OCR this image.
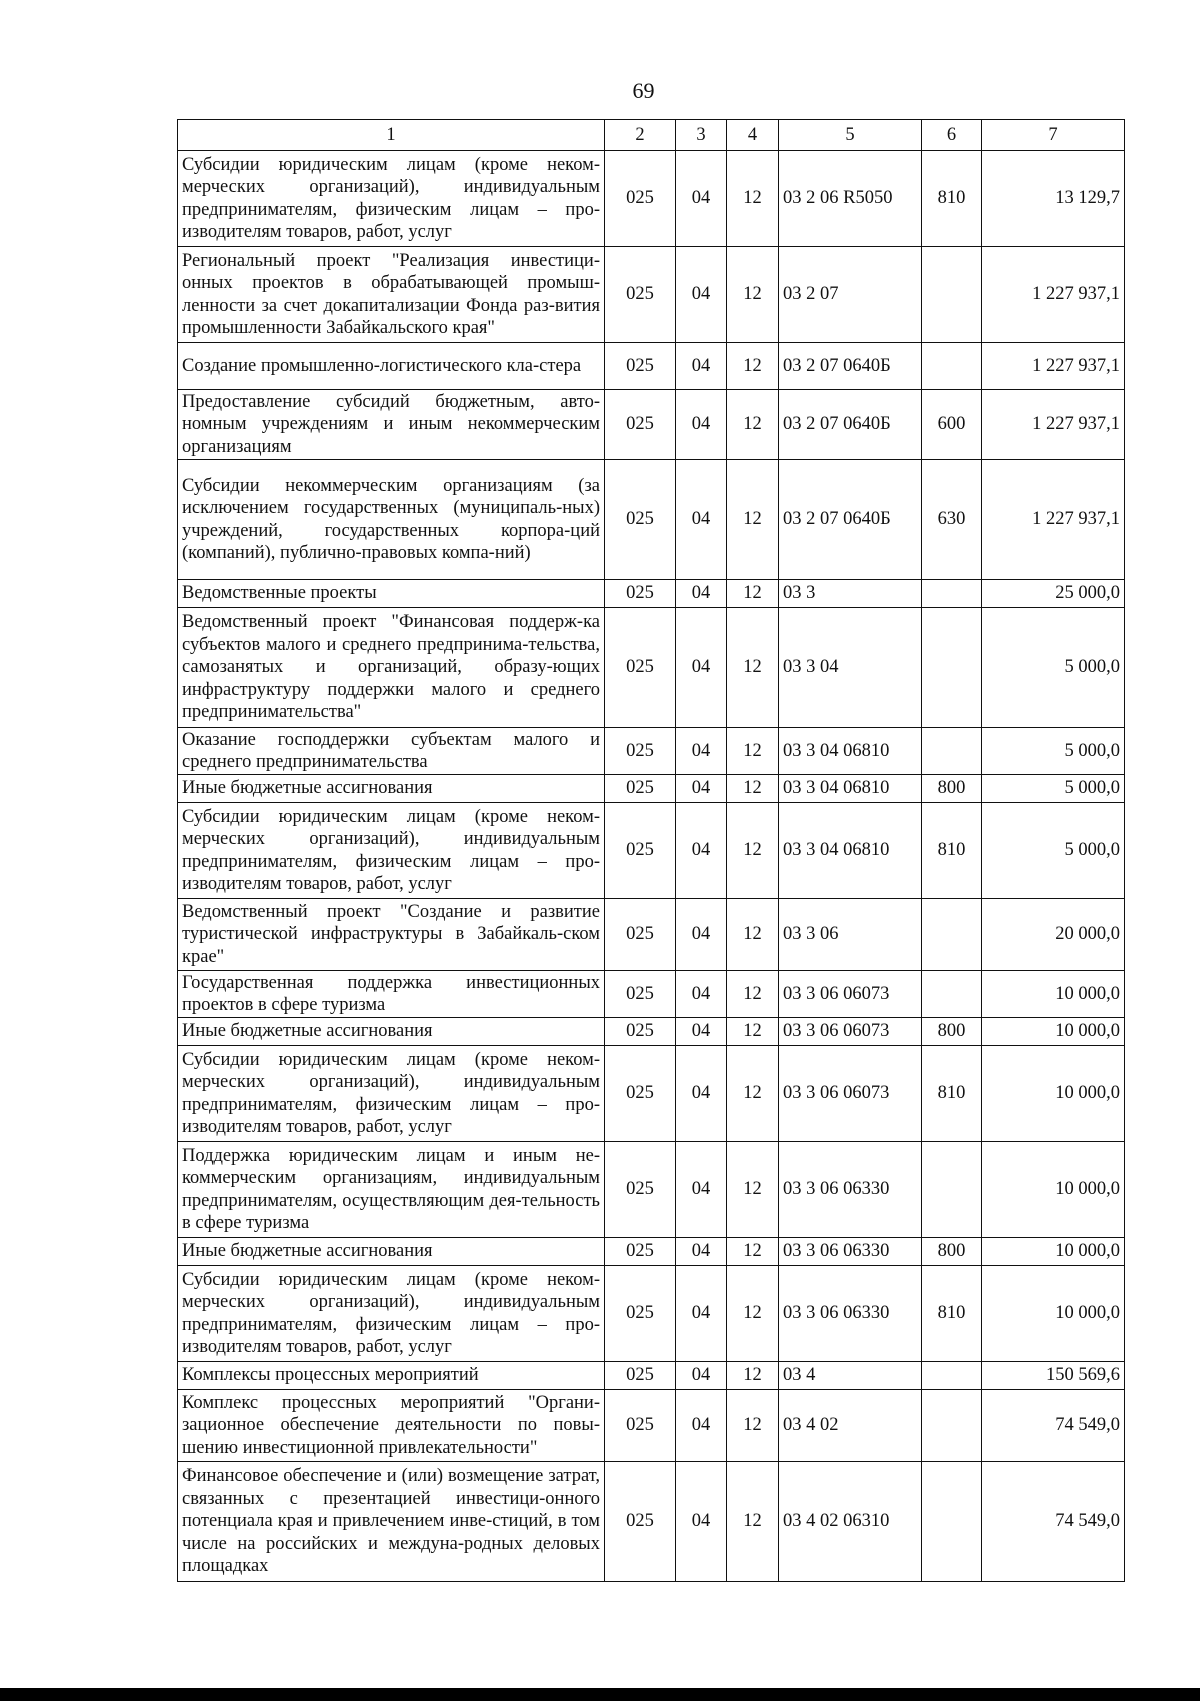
69
1	2	3	4	5	6	7
Субсидии юридическим лицам (кроме неком-мерческих организаций), индивидуальным предпринимателям, физическим лицам – про-изводителям товаров, работ, услуг	025	04	12	03 2 06 R5050	810	13 129,7
Региональный проект "Реализация инвестици-онных проектов в обрабатывающей промыш-ленности за счет докапитализации Фонда раз-вития промышленности Забайкальского края"	025	04	12	03 2 07		1 227 937,1
Создание промышленно-логистического кла-стера	025	04	12	03 2 07 0640Б		1 227 937,1
Предоставление субсидий бюджетным, авто-номным учреждениям и иным некоммерческим организациям	025	04	12	03 2 07 0640Б	600	1 227 937,1
Субсидии некоммерческим организациям (за исключением государственных (муниципаль-ных) учреждений, государственных корпора-ций (компаний), публично-правовых компа-ний)	025	04	12	03 2 07 0640Б	630	1 227 937,1
Ведомственные проекты	025	04	12	03 3		25 000,0
Ведомственный проект "Финансовая поддерж-ка субъектов малого и среднего предпринима-тельства, самозанятых и организаций, образу-ющих инфраструктуру поддержки малого и среднего предпринимательства"	025	04	12	03 3 04		5 000,0
Оказание господдержки субъектам малого и среднего предпринимательства	025	04	12	03 3 04 06810		5 000,0
Иные бюджетные ассигнования	025	04	12	03 3 04 06810	800	5 000,0
Субсидии юридическим лицам (кроме неком-мерческих организаций), индивидуальным предпринимателям, физическим лицам – про-изводителям товаров, работ, услуг	025	04	12	03 3 04 06810	810	5 000,0
Ведомственный проект "Создание и развитие туристической инфраструктуры в Забайкаль-ском крае"	025	04	12	03 3 06		20 000,0
Государственная поддержка инвестиционных проектов в сфере туризма	025	04	12	03 3 06 06073		10 000,0
Иные бюджетные ассигнования	025	04	12	03 3 06 06073	800	10 000,0
Субсидии юридическим лицам (кроме неком-мерческих организаций), индивидуальным предпринимателям, физическим лицам – про-изводителям товаров, работ, услуг	025	04	12	03 3 06 06073	810	10 000,0
Поддержка юридическим лицам и иным не-коммерческим организациям, индивидуальным предпринимателям, осуществляющим дея-тельность в сфере туризма	025	04	12	03 3 06 06330		10 000,0
Иные бюджетные ассигнования	025	04	12	03 3 06 06330	800	10 000,0
Субсидии юридическим лицам (кроме неком-мерческих организаций), индивидуальным предпринимателям, физическим лицам – про-изводителям товаров, работ, услуг	025	04	12	03 3 06 06330	810	10 000,0
Комплексы процессных мероприятий	025	04	12	03 4		150 569,6
Комплекс процессных мероприятий "Органи-зационное обеспечение деятельности по повы-шению инвестиционной привлекательности"	025	04	12	03 4 02		74 549,0
Финансовое обеспечение и (или) возмещение затрат, связанных с презентацией инвестици-онного потенциала края и привлечением инве-стиций, в том числе на российских и междуна-родных деловых площадках	025	04	12	03 4 02 06310		74 549,0
